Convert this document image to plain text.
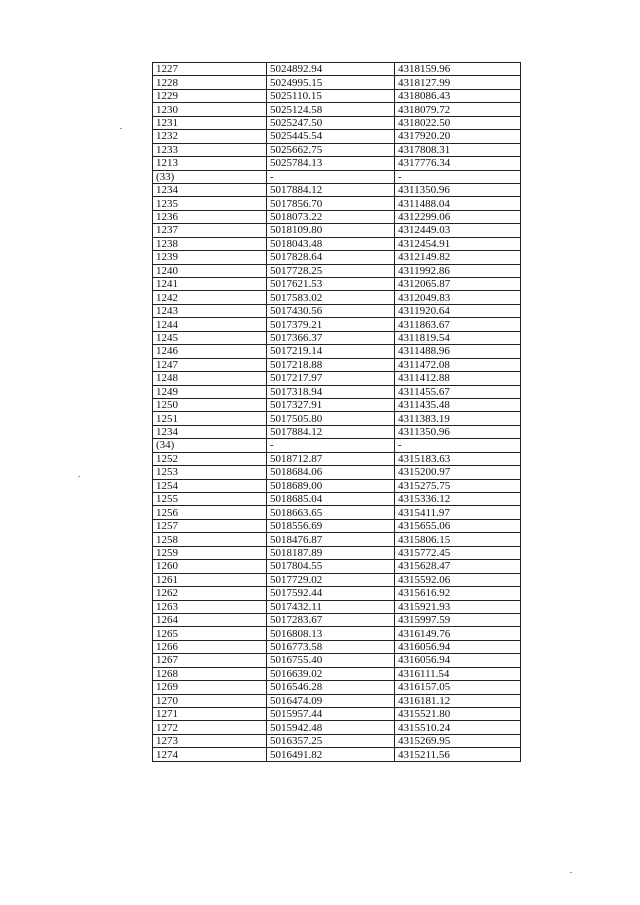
1227	5024892.94	4318159.96
1228	5024995.15	4318127.99
1229	5025110.15	4318086.43
1230	5025124.58	4318079.72
1231	5025247.50	4318022.50
1232	5025445.54	4317920.20
1233	5025662.75	4317808.31
1213	5025784.13	4317776.34
(33)	-	-
1234	5017884.12	4311350.96
1235	5017856.70	4311488.04
1236	5018073.22	4312299.06
1237	5018109.80	4312449.03
1238	5018043.48	4312454.91
1239	5017828.64	4312149.82
1240	5017728.25	4311992.86
1241	5017621.53	4312065.87
1242	5017583.02	4312049.83
1243	5017430.56	4311920.64
1244	5017379.21	4311863.67
1245	5017366.37	4311819.54
1246	5017219.14	4311488.96
1247	5017218.88	4311472.08
1248	5017217.97	4311412.88
1249	5017318.94	4311455.67
1250	5017327.91	4311435.48
1251	5017505.80	4311383.19
1234	5017884.12	4311350.96
(34)	-	-
1252	5018712.87	4315183.63
1253	5018684.06	4315200.97
1254	5018689.00	4315275.75
1255	5018685.04	4315336.12
1256	5018663.65	4315411.97
1257	5018556.69	4315655.06
1258	5018476.87	4315806.15
1259	5018187.89	4315772.45
1260	5017804.55	4315628.47
1261	5017729.02	4315592.06
1262	5017592.44	4315616.92
1263	5017432.11	4315921.93
1264	5017283.67	4315997.59
1265	5016808.13	4316149.76
1266	5016773.58	4316056.94
1267	5016755.40	4316056.94
1268	5016639.02	4316111.54
1269	5016546.28	4316157.05
1270	5016474.09	4316181.12
1271	5015957.44	4315521.80
1272	5015942.48	4315510.24
1273	5016357.25	4315269.95
1274	5016491.82	4315211.56
